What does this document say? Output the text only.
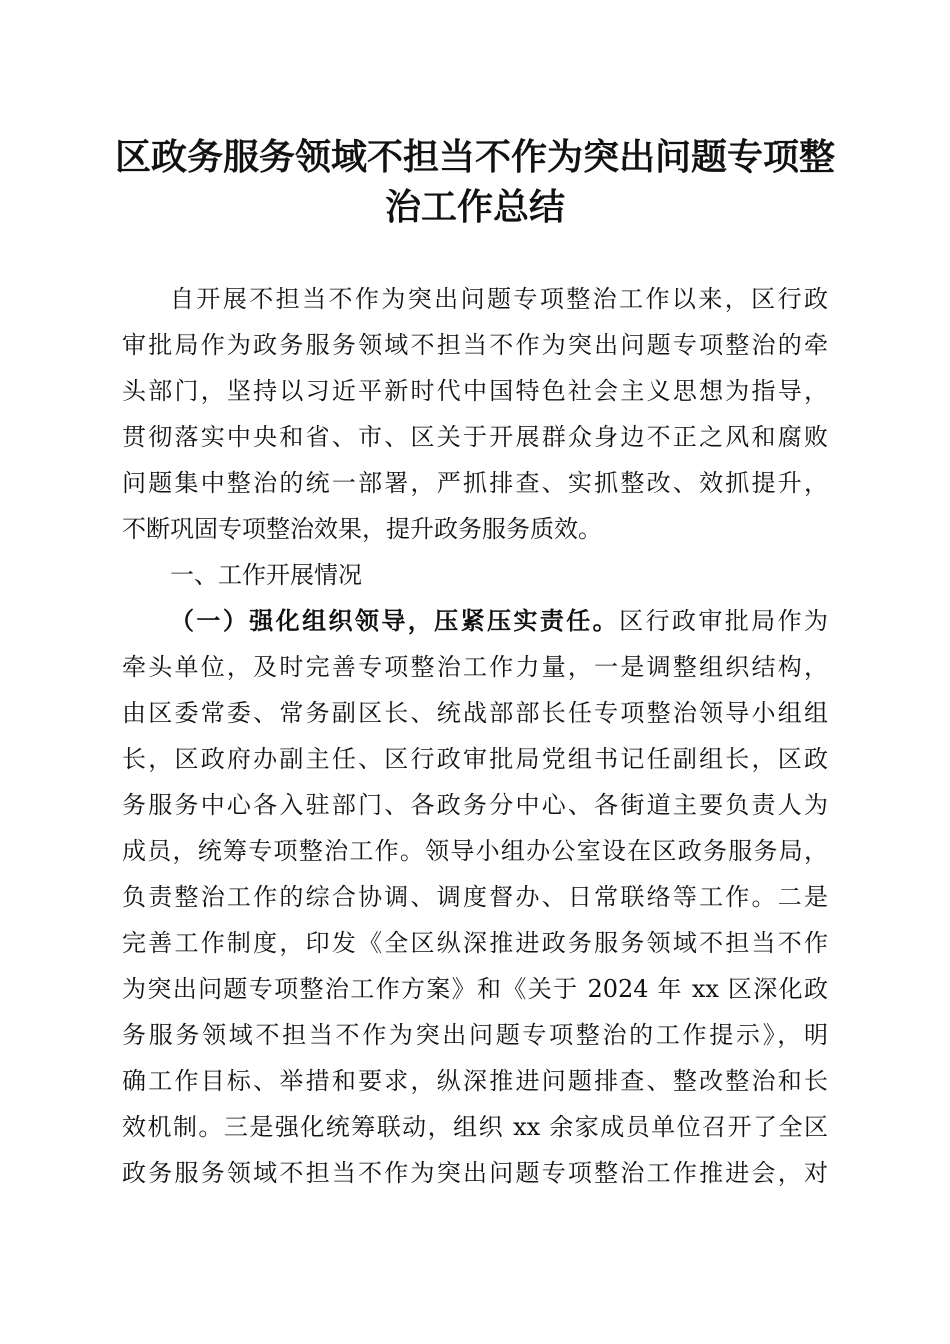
区政务服务领域不担当不作为突出问题专项整
治工作总结
自开展不担当不作为突出问题专项整治工作以来，区行政
审批局作为政务服务领域不担当不作为突出问题专项整治的牵
头部门，坚持以习近平新时代中国特色社会主义思想为指导，
贯彻落实中央和省、市、区关于开展群众身边不正之风和腐败
问题集中整治的统一部署，严抓排查、实抓整改、效抓提升，
不断巩固专项整治效果，提升政务服务质效。
一、工作开展情况
（一）强化组织领导，压紧压实责任。区行政审批局作为
牵头单位，及时完善专项整治工作力量，一是调整组织结构，
由区委常委、常务副区长、统战部部长任专项整治领导小组组
长，区政府办副主任、区行政审批局党组书记任副组长，区政
务服务中心各入驻部门、各政务分中心、各街道主要负责人为
成员，统筹专项整治工作。领导小组办公室设在区政务服务局，
负责整治工作的综合协调、调度督办、日常联络等工作。二是
完善工作制度，印发《全区纵深推进政务服务领域不担当不作
为突出问题专项整治工作方案》和《关于 2024 年 xx 区深化政
务服务领域不担当不作为突出问题专项整治的工作提示》，明
确工作目标、举措和要求，纵深推进问题排查、整改整治和长
效机制。三是强化统筹联动，组织 xx 余家成员单位召开了全区
政务服务领域不担当不作为突出问题专项整治工作推进会，对
